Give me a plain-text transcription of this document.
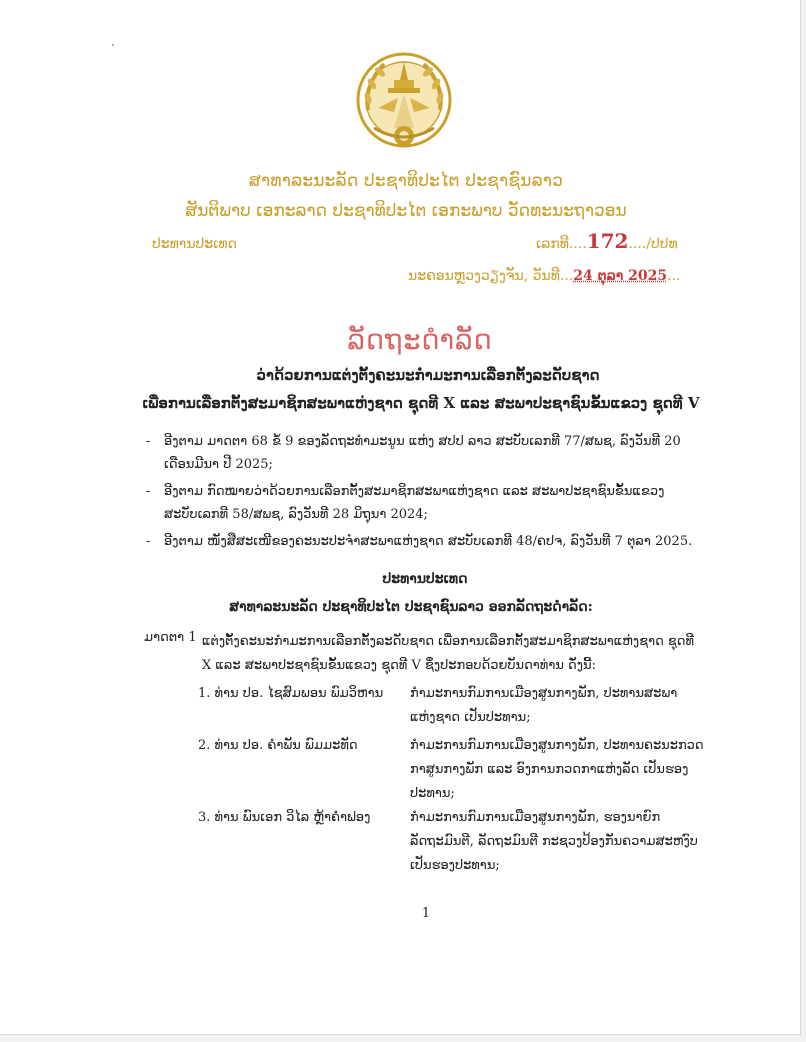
ສາທາລະນະລັດ ປະຊາທິປະໄຕ ປະຊາຊົນລາວ
ສັນຕິພາບ ເອກະລາດ ປະຊາທິປະໄຕ ເອກະພາບ ວັດທະນະຖາວອນ
ປະທານປະເທດ	ເລກທີ....172..../ປປທ
ນະຄອນຫຼວງວຽງຈັນ, ວັນທີ...24 ຕຸລາ 2025...
ລັດຖະດຳລັດ
ວ່າດ້ວຍການແຕ່ງຕັ້ງຄະນະກຳມະການເລືອກຕັ້ງລະດັບຊາດ
ເພື່ອການເລືອກຕັ້ງສະມາຊິກສະພາແຫ່ງຊາດ ຊຸດທີ X ແລະ ສະພາປະຊາຊົນຂັ້ນແຂວງ ຊຸດທີ V
-	ອີງຕາມ ມາດຕາ 68 ຂໍ້ 9 ຂອງລັດຖະທຳມະນູນ ແຫ່ງ ສປປ ລາວ ສະບັບເລກທີ 77/ສພຊ, ລົງວັນທີ 20 ເດືອນມີນາ ປີ 2025;
-	ອີງຕາມ ກົດໝາຍວ່າດ້ວຍການເລືອກຕັ້ງສະມາຊິກສະພາແຫ່ງຊາດ ແລະ ສະພາປະຊາຊົນຂັ້ນແຂວງ ສະບັບເລກທີ 58/ສພຊ, ລົງວັນທີ 28 ມິຖຸນາ 2024;
-	ອີງຕາມ ໜັງສືສະເໜີຂອງຄະນະປະຈຳສະພາແຫ່ງຊາດ ສະບັບເລກທີ 48/ຄປຈ, ລົງວັນທີ 7 ຕຸລາ 2025.
ປະທານປະເທດ
ສາທາລະນະລັດ ປະຊາທິປະໄຕ ປະຊາຊົນລາວ ອອກລັດຖະດຳລັດ:
ມາດຕາ 1 ແຕ່ງຕັ້ງຄະນະກຳມະການເລືອກຕັ້ງລະດັບຊາດ ເພື່ອການເລືອກຕັ້ງສະມາຊິກສະພາແຫ່ງຊາດ ຊຸດທີ X ແລະ ສະພາປະຊາຊົນຂັ້ນແຂວງ ຊຸດທີ V ຊຶ່ງປະກອບດ້ວຍບັນດາທ່ານ ດັ່ງນີ້:
1. ທ່ານ ປອ. ໄຊສົມພອນ ພົມວິຫານ	ກຳມະການກົມການເມືອງສູນກາງພັກ, ປະທານສະພາແຫ່ງຊາດ ເປັນປະທານ;
2. ທ່ານ ປອ. ຄຳພັນ ພົມມະທັດ	ກຳມະການກົມການເມືອງສູນກາງພັກ, ປະທານຄະນະກວດກາສູນກາງພັກ ແລະ ອົງການກວດກາແຫ່ງລັດ ເປັນຮອງປະທານ;
3. ທ່ານ ພົນເອກ ວິໄລ ຫຼ້າຄຳຟອງ	ກຳມະການກົມການເມືອງສູນກາງພັກ, ຮອງນາຍົກລັດຖະມົນຕີ, ລັດຖະມົນຕີ ກະຊວງປ້ອງກັນຄວາມສະຫງົບ ເປັນຮອງປະທານ;
1
